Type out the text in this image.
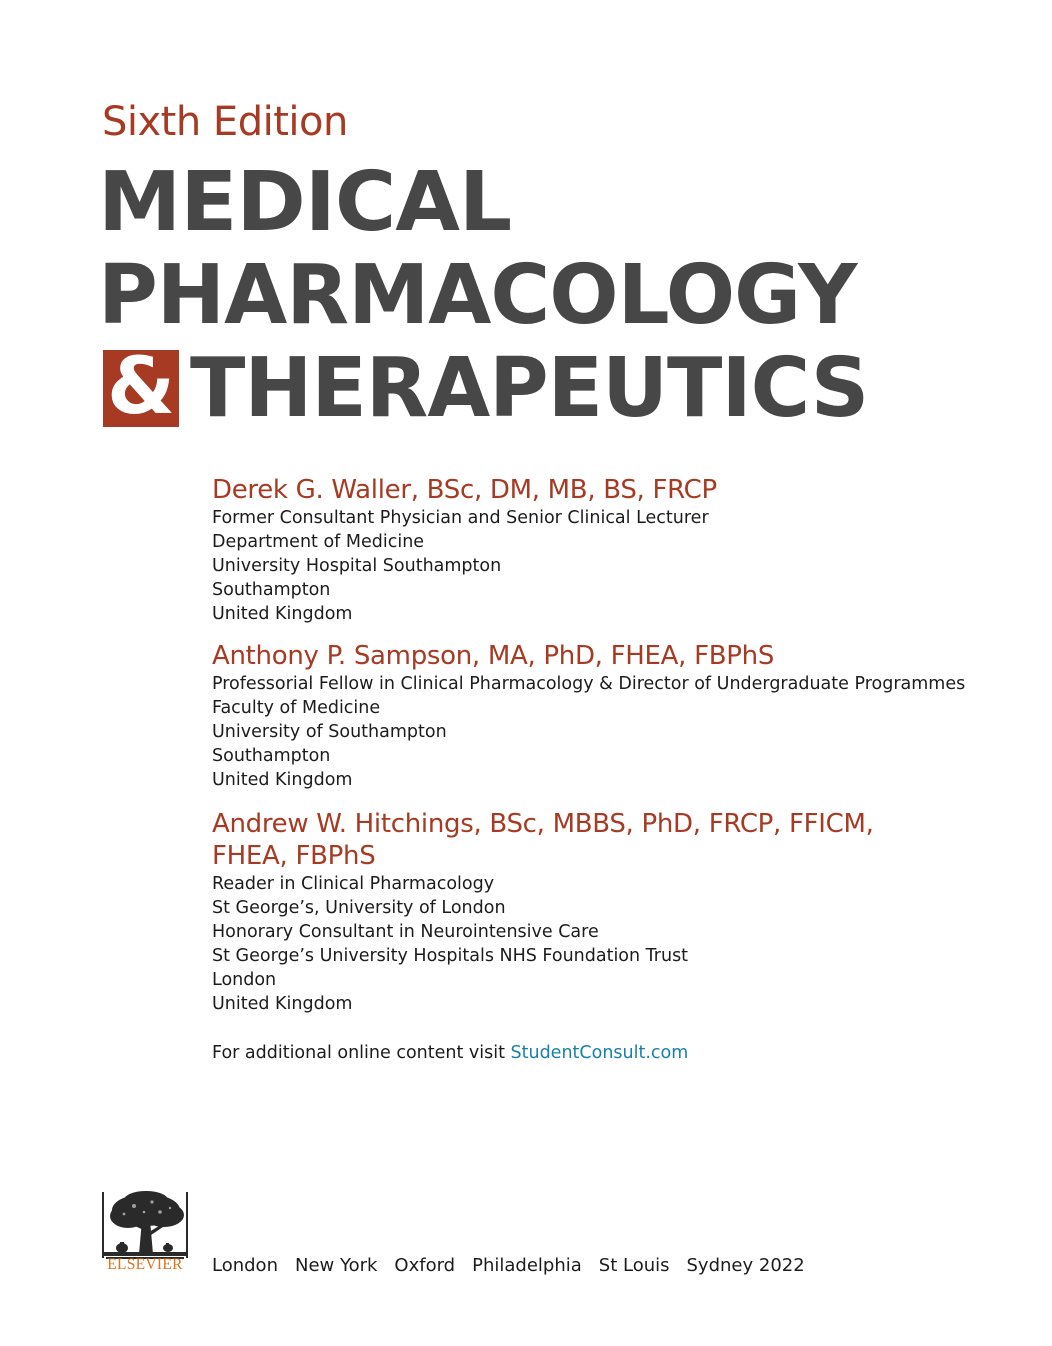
Sixth Edition
MEDICAL
PHARMACOLOGY
& THERAPEUTICS
Derek G. Waller, BSc, DM, MB, BS, FRCP
Former Consultant Physician and Senior Clinical Lecturer
Department of Medicine
University Hospital Southampton
Southampton
United Kingdom
Anthony P. Sampson, MA, PhD, FHEA, FBPhS
Professorial Fellow in Clinical Pharmacology & Director of Undergraduate Programmes
Faculty of Medicine
University of Southampton
Southampton
United Kingdom
Andrew W. Hitchings, BSc, MBBS, PhD, FRCP, FFICM,
FHEA, FBPhS
Reader in Clinical Pharmacology
St George’s, University of London
Honorary Consultant in Neurointensive Care
St George’s University Hospitals NHS Foundation Trust
London
United Kingdom
For additional online content visit StudentConsult.com
ELSEVIER	London New York Oxford Philadelphia St Louis Sydney 2022
